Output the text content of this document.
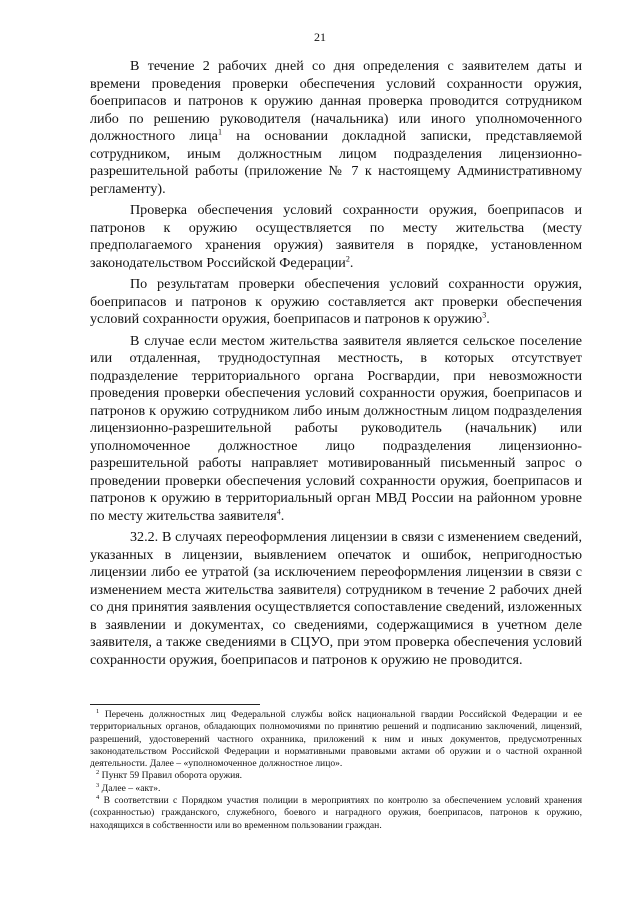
21

В течение 2 рабочих дней со дня определения с заявителем даты и времени проведения проверки обеспечения условий сохранности оружия, боеприпасов и патронов к оружию данная проверка проводится сотрудником либо по решению руководителя (начальника) или иного уполномоченного должностного лица$^1$ на основании докладной записки, представляемой сотрудником, иным должностным лицом подразделения лицензионно-разрешительной работы (приложение № 7 к настоящему Административному регламенту).

Проверка обеспечения условий сохранности оружия, боеприпасов и патронов к оружию осуществляется по месту жительства (месту предполагаемого хранения оружия) заявителя в порядке, установленном законодательством Российской Федерации$^2$.

По результатам проверки обеспечения условий сохранности оружия, боеприпасов и патронов к оружию составляется акт проверки обеспечения условий сохранности оружия, боеприпасов и патронов к оружию$^3$.

В случае если местом жительства заявителя является сельское поселение или отдаленная, труднодоступная местность, в которых отсутствует подразделение территориального органа Росгвардии, при невозможности проведения проверки обеспечения условий сохранности оружия, боеприпасов и патронов к оружию сотрудником либо иным должностным лицом подразделения лицензионно-разрешительной работы руководитель (начальник) или уполномоченное должностное лицо подразделения лицензионно-разрешительной работы направляет мотивированный письменный запрос о проведении проверки обеспечения условий сохранности оружия, боеприпасов и патронов к оружию в территориальный орган МВД России на районном уровне по месту жительства заявителя$^4$.

32.2. В случаях переоформления лицензии в связи с изменением сведений, указанных в лицензии, выявлением опечаток и ошибок, непригодностью лицензии либо ее утратой (за исключением переоформления лицензии в связи с изменением места жительства заявителя) сотрудником в течение 2 рабочих дней со дня принятия заявления осуществляется сопоставление сведений, изложенных в заявлении и документах, со сведениями, содержащимися в учетном деле заявителя, а также сведениями в СЦУО, при этом проверка обеспечения условий сохранности оружия, боеприпасов и патронов к оружию не проводится.

$^1$ Перечень должностных лиц Федеральной службы войск национальной гвардии Российской Федерации и ее территориальных органов, обладающих полномочиями по принятию решений и подписанию заключений, лицензий, разрешений, удостоверений частного охранника, приложений к ним и иных документов, предусмотренных законодательством Российской Федерации и нормативными правовыми актами об оружии и о частной охранной деятельности. Далее – «уполномоченное должностное лицо».

$^2$ Пункт 59 Правил оборота оружия.

$^3$ Далее – «акт».

$^4$ В соответствии с Порядком участия полиции в мероприятиях по контролю за обеспечением условий хранения (сохранностью) гражданского, служебного, боевого и наградного оружия, боеприпасов, патронов к оружию, находящихся в собственности или во временном пользовании граждан.
